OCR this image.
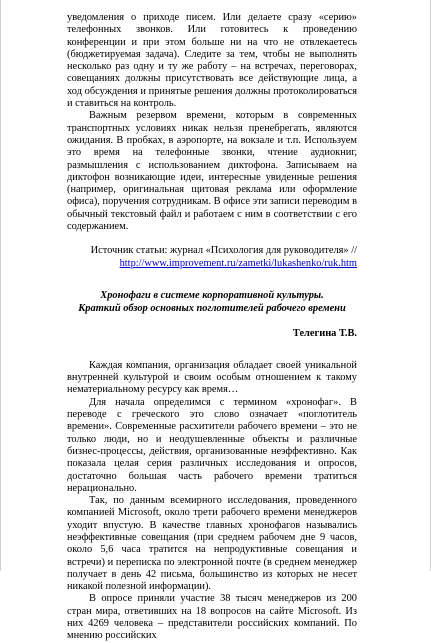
уведомления о приходе писем. Или делаете сразу «серию» телефонных звонков. Или готовитесь к проведению конференции и при этом больше ни на что не отвлекаетесь (бюджетируемая задача). Следите за тем, чтобы не выполнять несколько раз одну и ту же работу – на встречах, переговорах, совещаниях должны присутствовать все действующие лица, а ход обсуждения и принятые решения должны протоколироваться и ставиться на контроль.

Важным резервом времени, которым в современных транспортных условиях никак нельзя пренебрегать, являются ожидания. В пробках, в аэропорте, на вокзале и т.п. Используем это время на телефонные звонки, чтение аудиокниг, размышления с использованием диктофона. Записываем на диктофон возникающие идеи, интересные увиденные решения (например, оригинальная щитовая реклама или оформление офиса), поручения сотрудникам. В офисе эти записи переводим в обычный текстовый файл и работаем с ним в соответствии с его содержанием.

Источник статьи: журнал «Психология для руководителя» //
http://www.improvement.ru/zametki/lukashenko/ruk.htm

Хронофаги в системе корпоративной культуры.
Краткий обзор основных поглотителей рабочего времени
Телегина Т.В.

Каждая компания, организация обладает своей уникальной внутренней культурой и своим особым отношением к такому нематериальному ресурсу как время…

Для начала определимся с термином «хронофаг». В переводе с греческого это слово означает «поглотитель времени». Современные расхитители рабочего времени – это не только люди, но и неодушевленные объекты и различные бизнес-процессы, действия, организованные неэффективно. Как показала целая серия различных исследования и опросов, достаточно большая часть рабочего времени тратиться нерационально.

Так, по данным всемирного исследования, проведенного компанией Microsoft, около трети рабочего времени менеджеров уходит впустую. В качестве главных хронофагов назывались неэффективные совещания (при среднем рабочем дне 9 часов, около 5,6 часа тратится на непродуктивные совещания и встречи) и переписка по электронной почте (в среднем менеджер получает в день 42 письма, большинство из которых не несет никакой полезной информации).

В опросе приняли участие 38 тысяч менеджеров из 200 стран мира, ответивших на 18 вопросов на сайте Microsoft. Из них 4269 человека – представители российских компаний. По мнению российских
